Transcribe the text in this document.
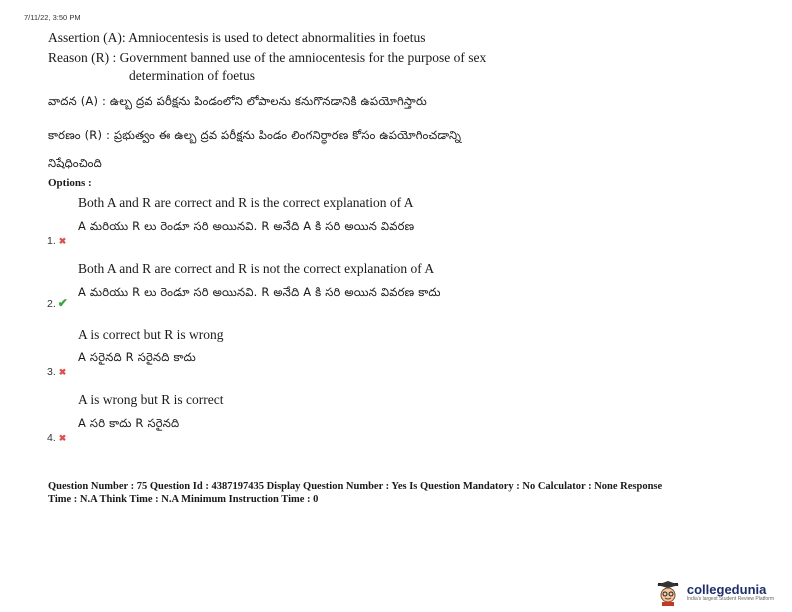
7/11/22, 3:50 PM
Assertion (A): Amniocentesis is used to detect abnormalities in foetus
Reason (R) : Government banned use of the amniocentesis for the purpose of sex
determination of foetus
వాదన (A) : ఉల్బ ద్రవ పరీక్షను పిండంలోని లోపాలను కనుగొనడానికి ఉపయోగిస్తారు
కారణం (R) : ప్రభుత్వం ఈ ఉల్బ ద్రవ పరీక్షను పిండం లింగనిర్ధారణ కోసం ఉపయోగించడాన్ని
నిషేధించింది
Options :
Both A and R are correct and R is the correct explanation of A
A మరియు R లు రెండూ సరి అయినవి. R అనేది A కి సరి అయిన వివరణ
1. ✖
Both A and R are correct and R is not the correct explanation of A
A మరియు R లు రెండూ సరి అయినవి. R అనేది A కి సరి అయిన వివరణ కాదు
2. ✔
A is correct but R is wrong
A సరైనది R సరైనది కాదు
3. ✖
A is wrong but R is correct
A సరి కాదు R సరైనది
4. ✖
Question Number : 75 Question Id : 4387197435 Display Question Number : Yes Is Question Mandatory : No Calculator : None Response
Time : N.A Think Time : N.A Minimum Instruction Time : 0
collegedunia
India's largest Student Review Platform
